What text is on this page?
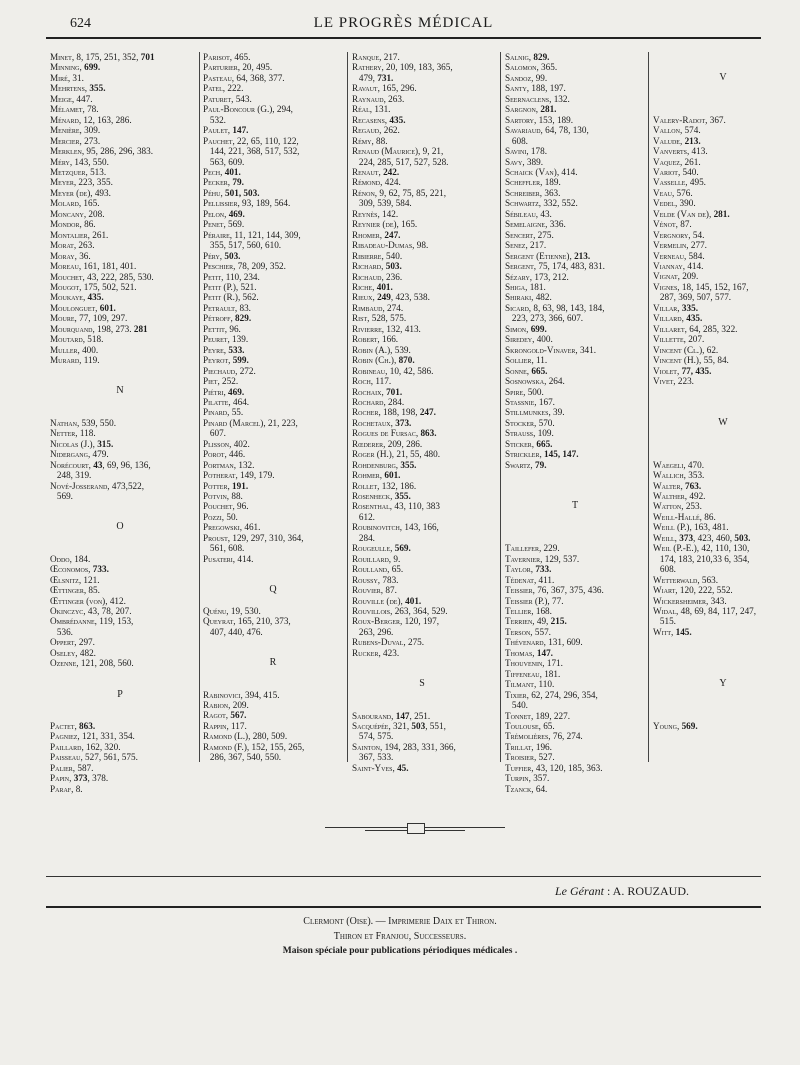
624	LE PROGRÈS MÉDICAL
Minet, 8, 175, 251, 352, 701
Minning, 699.
Miré, 31.
Mehrtens, 355.
Meige, 447.
Mélamet, 78.
Ménard, 12, 163, 286.
Menière, 309.
Mercier, 273.
Merklen, 95, 286, 296, 383.
Méry, 143, 550.
Metzquer, 513.
Meyer, 223, 355.
Meyer (de), 493.
Molard, 165.
Moncany, 208.
Mondor, 86.
Montalier, 261.
Morat, 263.
Moray, 36.
Moreau, 161, 181, 401.
Mouchet, 43, 222, 285, 530.
Mougot, 175, 502, 521.
Moukaye, 435.
Moulonguet, 601.
Moure, 77, 109, 297.
Mourquand, 198, 273. 281
Moutard, 518.
Muller, 400.
Murard, 119.
N
Nathan, 539, 550.
Netter, 118.
Nicolas (J.), 315.
Nidergang, 479.
Norécourt, 43, 69, 96, 136,
248, 319.
Nové-Josserand, 473,522,
569.
O
Oddo, 184.
Œconomos, 733.
Œlsnitz, 121.
Œttinger, 85.
Œttinger (von), 412.
Okinczyc, 43, 78, 207.
Ombrédanne, 119, 153,
536.
Oppert, 297.
Oseley, 482.
Ozenne, 121, 208, 560.
P
Pactet, 863.
Pagniez, 121, 331, 354.
Paillard, 162, 320.
Paisseau, 527, 561, 575.
Palier, 587.
Papin, 373, 378.
Paraf, 8.
Parisot, 465.
Parturier, 20, 495.
Pasteau, 64, 368, 377.
Patel, 222.
Paturet, 543.
Paul-Boncour (G.), 294,
532.
Paulet, 147.
Pauchet, 22, 65, 110, 122,
144, 221, 368, 517, 532,
563, 609.
Pech, 401.
Pecker, 79.
Péhu, 501, 503.
Pellissier, 93, 189, 564.
Pelon, 469.
Penet, 569.
Péraire, 11, 121, 144, 309,
355, 517, 560, 610.
Péry, 503.
Peschier, 78, 209, 352.
Petit, 110, 234.
Petit (P.), 521.
Petit (R.), 562.
Petrault, 83.
Pétroff, 829.
Pettit, 96.
Peuret, 139.
Peyre, 533.
Peyrot, 599.
Piechaud, 272.
Piet, 252.
Piétri, 469.
Pilatte, 464.
Pinard, 55.
Pinard (Marcel), 21, 223,
607.
Plisson, 402.
Porot, 446.
Portman, 132.
Potherat, 149, 179.
Potter, 191.
Potvin, 88.
Pouchet, 96.
Pozzi, 50.
Pregowski, 461.
Proust, 129, 297, 310, 364,
561, 608.
Pusateri, 414.
Q
Quénu, 19, 530.
Queyrat, 165, 210, 373,
407, 440, 476.
R
Rabinovici, 394, 415.
Rabion, 209.
Ragot, 567.
Rappin, 117.
Ramond (L.), 280, 509.
Ramond (F.), 152, 155, 265,
286, 367, 540, 550.
Ranque, 217.
Rathery, 20, 109, 183, 365,
479, 731.
Ravaut, 165, 296.
Raynaud, 263.
Réal, 131.
Recasens, 435.
Regaud, 262.
Rémy, 88.
Renaud (Maurice), 9, 21,
224, 285, 517, 527, 528.
Renaut, 242.
Rémond, 424.
Rénon, 9, 62, 75, 85, 221,
309, 539, 584.
Reynès, 142.
Reynier (de), 165.
Rhomer, 247.
Ribadeau-Dumas, 98.
Ribierre, 540.
Richard, 503.
Richaud, 236.
Riche, 401.
Rieux, 249, 423, 538.
Rimbaud, 274.
Rist, 528, 575.
Rivierre, 132, 413.
Robert, 166.
Robin (A.), 539.
Robin (Ch.), 870.
Robineau, 10, 42, 586.
Roch, 117.
Rochaix, 701.
Rochard, 284.
Rocher, 188, 198, 247.
Rochetaux, 373.
Rogues de Fursac, 863.
Rœderer, 209, 286.
Roger (H.), 21, 55, 480.
Rohdenburg, 355.
Rohmer, 601.
Rollet, 132, 186.
Rosenheck, 355.
Rosenthal, 43, 110, 383
612.
Roubinovitch, 143, 166,
284.
Rougeulle, 569.
Rouillard, 9.
Roulland, 65.
Roussy, 783.
Rouvier, 87.
Rouville (de), 401.
Rouvillois, 263, 364, 529.
Roux-Berger, 120, 197,
263, 296.
Rubens-Duval, 275.
Rucker, 423.
S
Sabourand, 147, 251.
Sacquépée, 321, 503, 551,
574, 575.
Sainton, 194, 283, 331, 366,
367, 533.
Saint-Yves, 45.
Salnig, 829.
Salomon, 365.
Sandoz, 99.
Santy, 188, 197.
Seernaclens, 132.
Sargnon, 281.
Sartory, 153, 189.
Savariaud, 64, 78, 130,
608.
Savini, 178.
Savy, 389.
Schaick (Van), 414.
Scheffler, 189.
Schreiber, 363.
Schwartz, 332, 552.
Sébileau, 43.
Semelaigne, 336.
Sencert, 275.
Senez, 217.
Sergent (Etienne), 213.
Sergent, 75, 174, 483, 831.
Sézary, 173, 212.
Shiga, 181.
Shiraki, 482.
Sicard, 8, 63, 98, 143, 184,
223, 273, 366, 607.
Simon, 699.
Siredey, 400.
Skrongold-Vinaver, 341.
Sollier, 11.
Sonne, 665.
Sosnowska, 264.
Spire, 500.
Stassnie, 167.
Stillmunkes, 39.
Stocker, 570.
Strauss, 109.
Sticker, 665.
Strickler, 145, 147.
Swartz, 79.
T
Taillefer, 229.
Tavernier, 129, 537.
Taylor, 733.
Tédenat, 411.
Teissier, 76, 367, 375, 436.
Teissier (P.), 77.
Tellier, 168.
Terrien, 49, 215.
Terson, 557.
Thévenard, 131, 609.
Thomas, 147.
Thouvenin, 171.
Tiffeneau, 181.
Tilmant, 110.
Tixier, 62, 274, 296, 354,
540.
Tonnet, 189, 227.
Toulouse, 65.
Trémolières, 76, 274.
Trillat, 196.
Troisier, 527.
Tuffier, 43, 120, 185, 363.
Turpin, 357.
Tzanck, 64.
V
Valery-Radot, 367.
Vallon, 574.
Valude, 213.
Vanverts, 413.
Vaquez, 261.
Variot, 540.
Vasselle, 495.
Veau, 576.
Vedel, 390.
Velde (Van de), 281.
Vénot, 87.
Vergnory, 54.
Vermelin, 277.
Verneau, 584.
Viannay, 414.
Vignat, 209.
Vignes, 18, 145, 152, 167,
287, 369, 507, 577.
Villar, 335.
Villard, 435.
Villaret, 64, 285, 322.
Villette, 207.
Vincent (Cl.), 62.
Vincent (H.), 55, 84.
Violet, 77, 435.
Vivet, 223.
W
Waegeli, 470.
Wallich, 353.
Walter, 763.
Walther, 492.
Watton, 253.
Weill-Hallé, 86.
Weill (P.), 163, 481.
Weill, 373, 423, 460, 503.
Weil (P.-E.), 42, 110, 130,
174, 183, 210,33 6, 354,
608.
Wetterwald, 563.
Wiart, 120, 222, 552.
Wickersheimer, 343.
Widal, 48, 69, 84, 117, 247,
515.
Witt, 145.
Y
Young, 569.
Le Gérant : A. ROUZAUD.
Clermont (Oise). — Imprimerie Daix et Thiron.
Thiron et Franjou, Successeurs.
Maison spéciale pour publications périodiques médicales .
